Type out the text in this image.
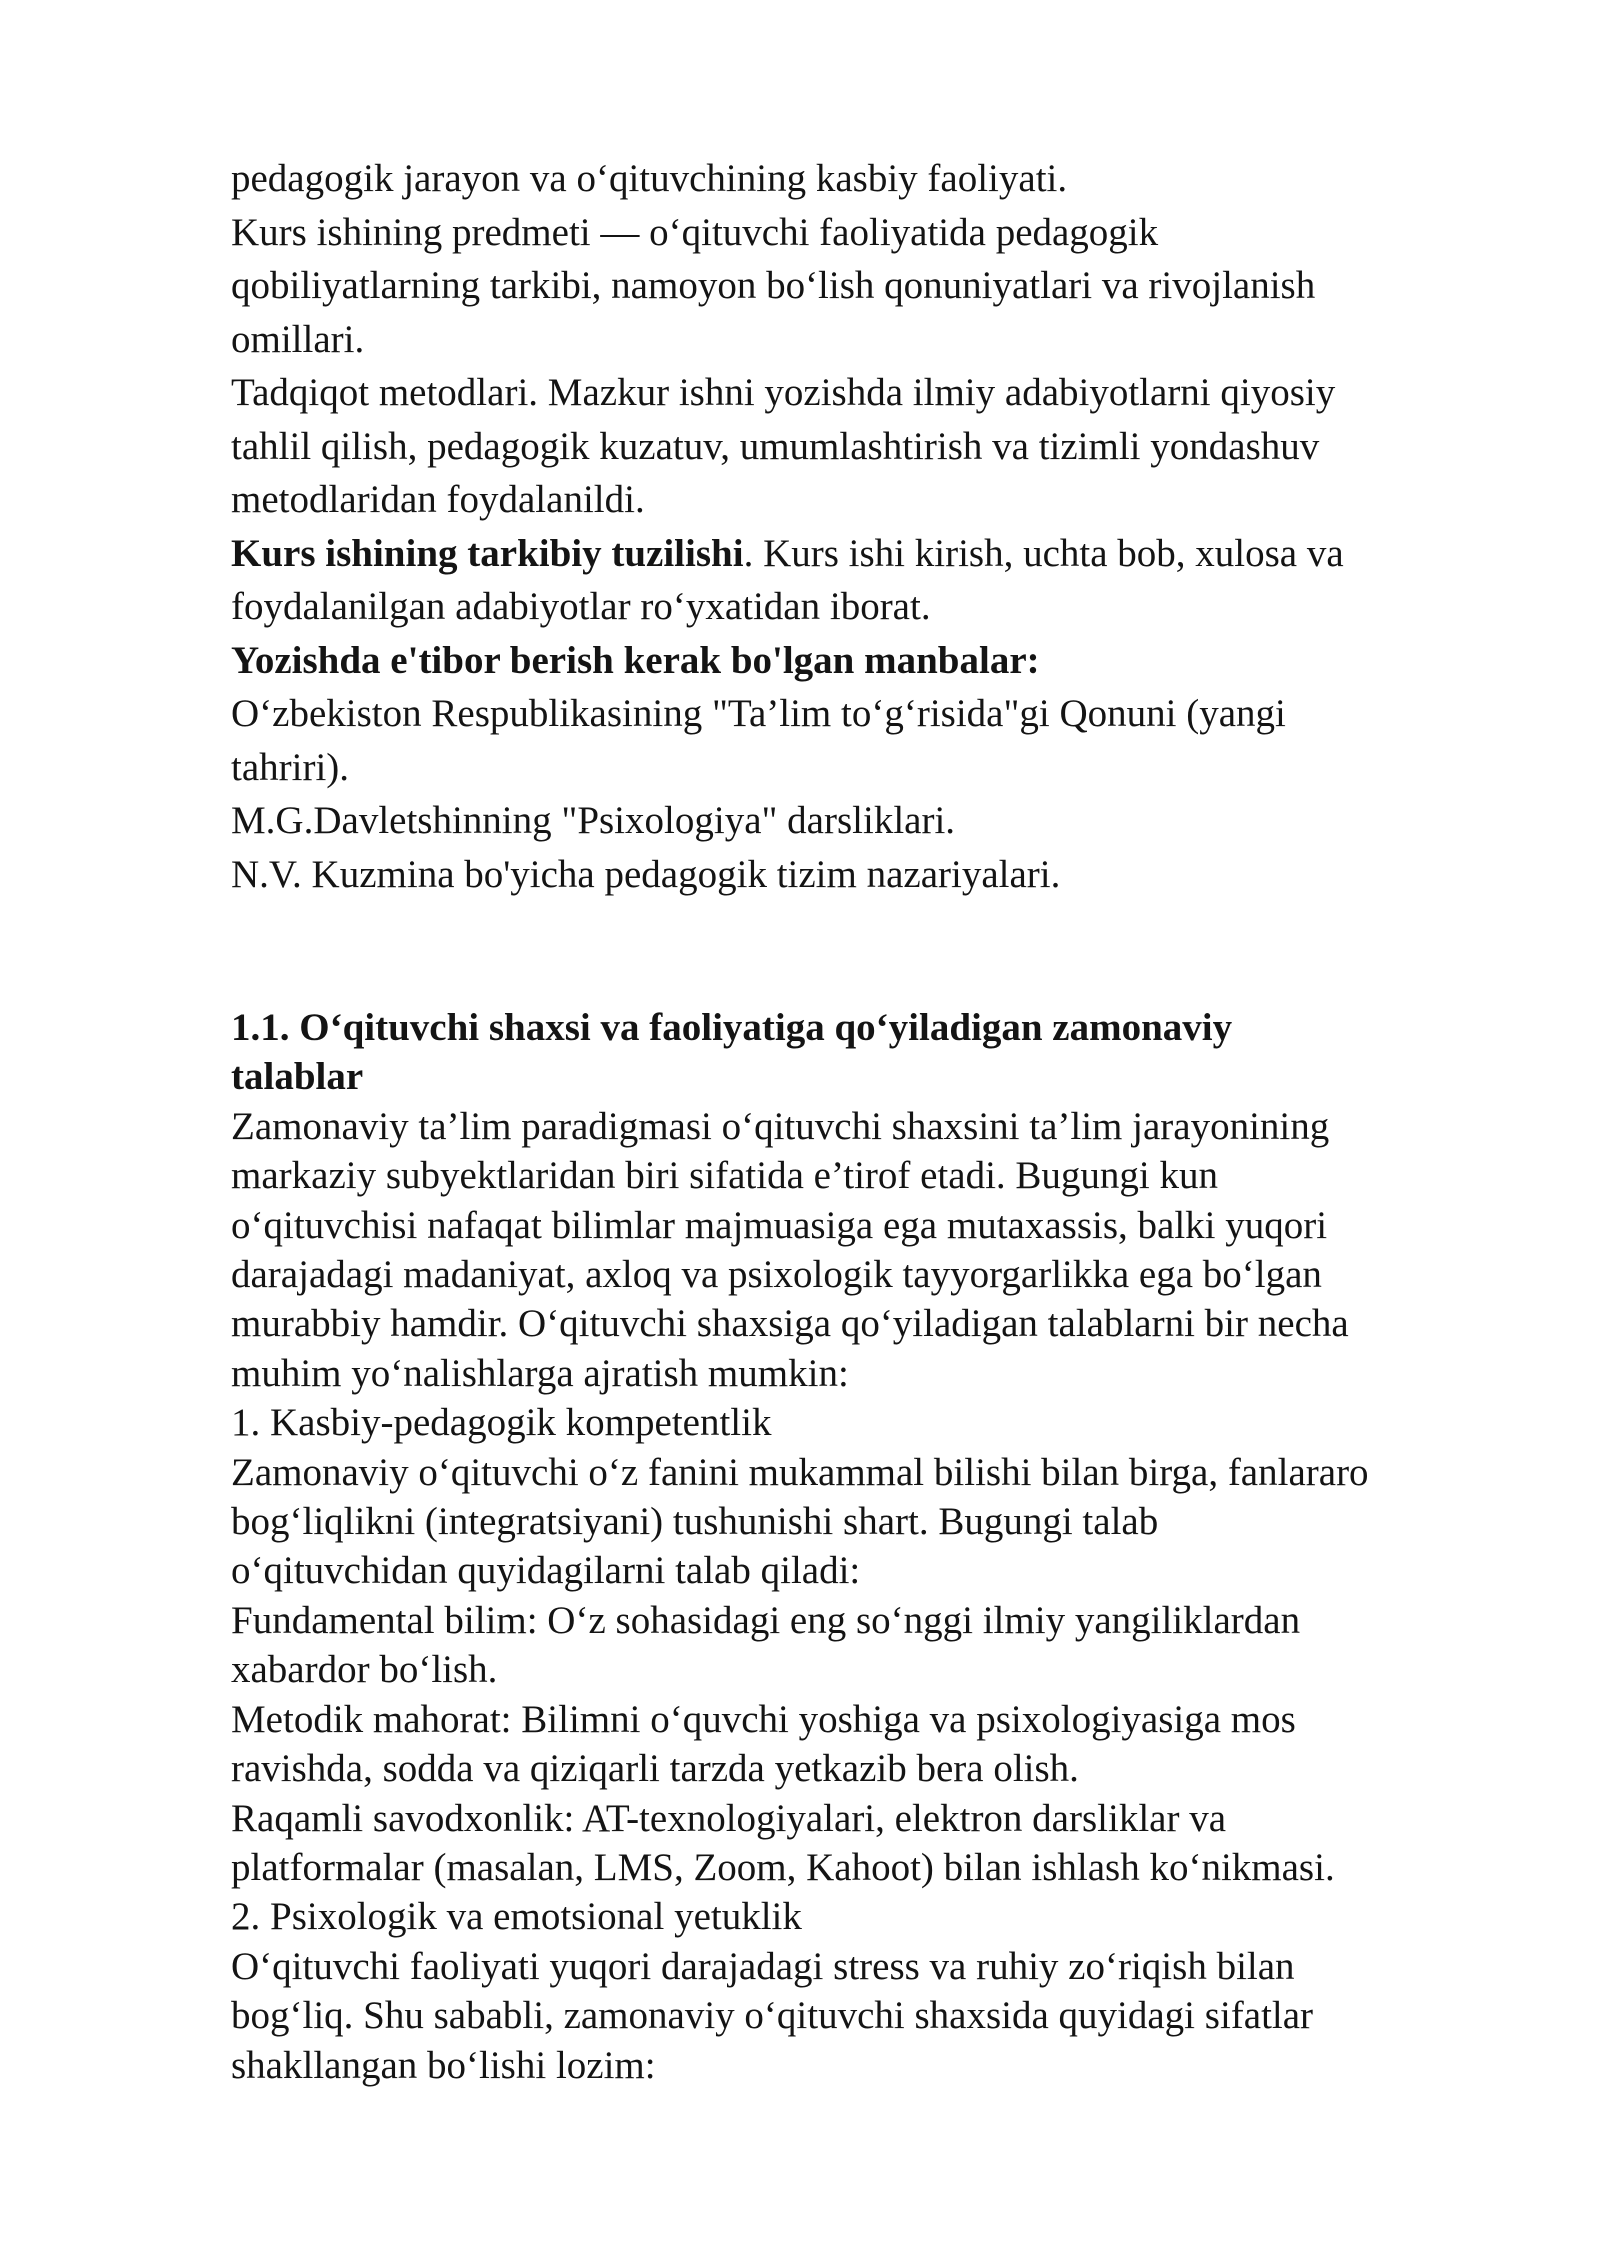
pedagogik jarayon va o‘qituvchining kasbiy faoliyati.

Kurs ishining predmeti — o‘qituvchi faoliyatida pedagogik

qobiliyatlarning tarkibi, namoyon bo‘lish qonuniyatlari va rivojlanish

omillari.

Tadqiqot metodlari. Mazkur ishni yozishda ilmiy adabiyotlarni qiyosiy

tahlil qilish, pedagogik kuzatuv, umumlashtirish va tizimli yondashuv

metodlaridan foydalanildi.

Kurs ishining tarkibiy tuzilishi. Kurs ishi kirish, uchta bob, xulosa va

foydalanilgan adabiyotlar ro‘yxatidan iborat.

Yozishda e'tibor berish kerak bo'lgan manbalar:

O‘zbekiston Respublikasining "Ta’lim to‘g‘risida"gi Qonuni (yangi

tahriri).

M.G.Davletshinning "Psixologiya" darsliklari.

N.V. Kuzmina bo'yicha pedagogik tizim nazariyalari.

1.1. O‘qituvchi shaxsi va faoliyatiga qo‘yiladigan zamonaviy

talablar

Zamonaviy ta’lim paradigmasi o‘qituvchi shaxsini ta’lim jarayonining

markaziy subyektlaridan biri sifatida e’tirof etadi. Bugungi kun

o‘qituvchisi nafaqat bilimlar majmuasiga ega mutaxassis, balki yuqori

darajadagi madaniyat, axloq va psixologik tayyorgarlikka ega bo‘lgan

murabbiy hamdir. O‘qituvchi shaxsiga qo‘yiladigan talablarni bir necha

muhim yo‘nalishlarga ajratish mumkin:

1. Kasbiy-pedagogik kompetentlik

Zamonaviy o‘qituvchi o‘z fanini mukammal bilishi bilan birga, fanlararo

bog‘liqlikni (integratsiyani) tushunishi shart. Bugungi talab

o‘qituvchidan quyidagilarni talab qiladi:

Fundamental bilim: O‘z sohasidagi eng so‘nggi ilmiy yangiliklardan

xabardor bo‘lish.

Metodik mahorat: Bilimni o‘quvchi yoshiga va psixologiyasiga mos

ravishda, sodda va qiziqarli tarzda yetkazib bera olish.

Raqamli savodxonlik: AT-texnologiyalari, elektron darsliklar va

platformalar (masalan, LMS, Zoom, Kahoot) bilan ishlash ko‘nikmasi.

2. Psixologik va emotsional yetuklik

O‘qituvchi faoliyati yuqori darajadagi stress va ruhiy zo‘riqish bilan

bog‘liq. Shu sababli, zamonaviy o‘qituvchi shaxsida quyidagi sifatlar

shakllangan bo‘lishi lozim:
